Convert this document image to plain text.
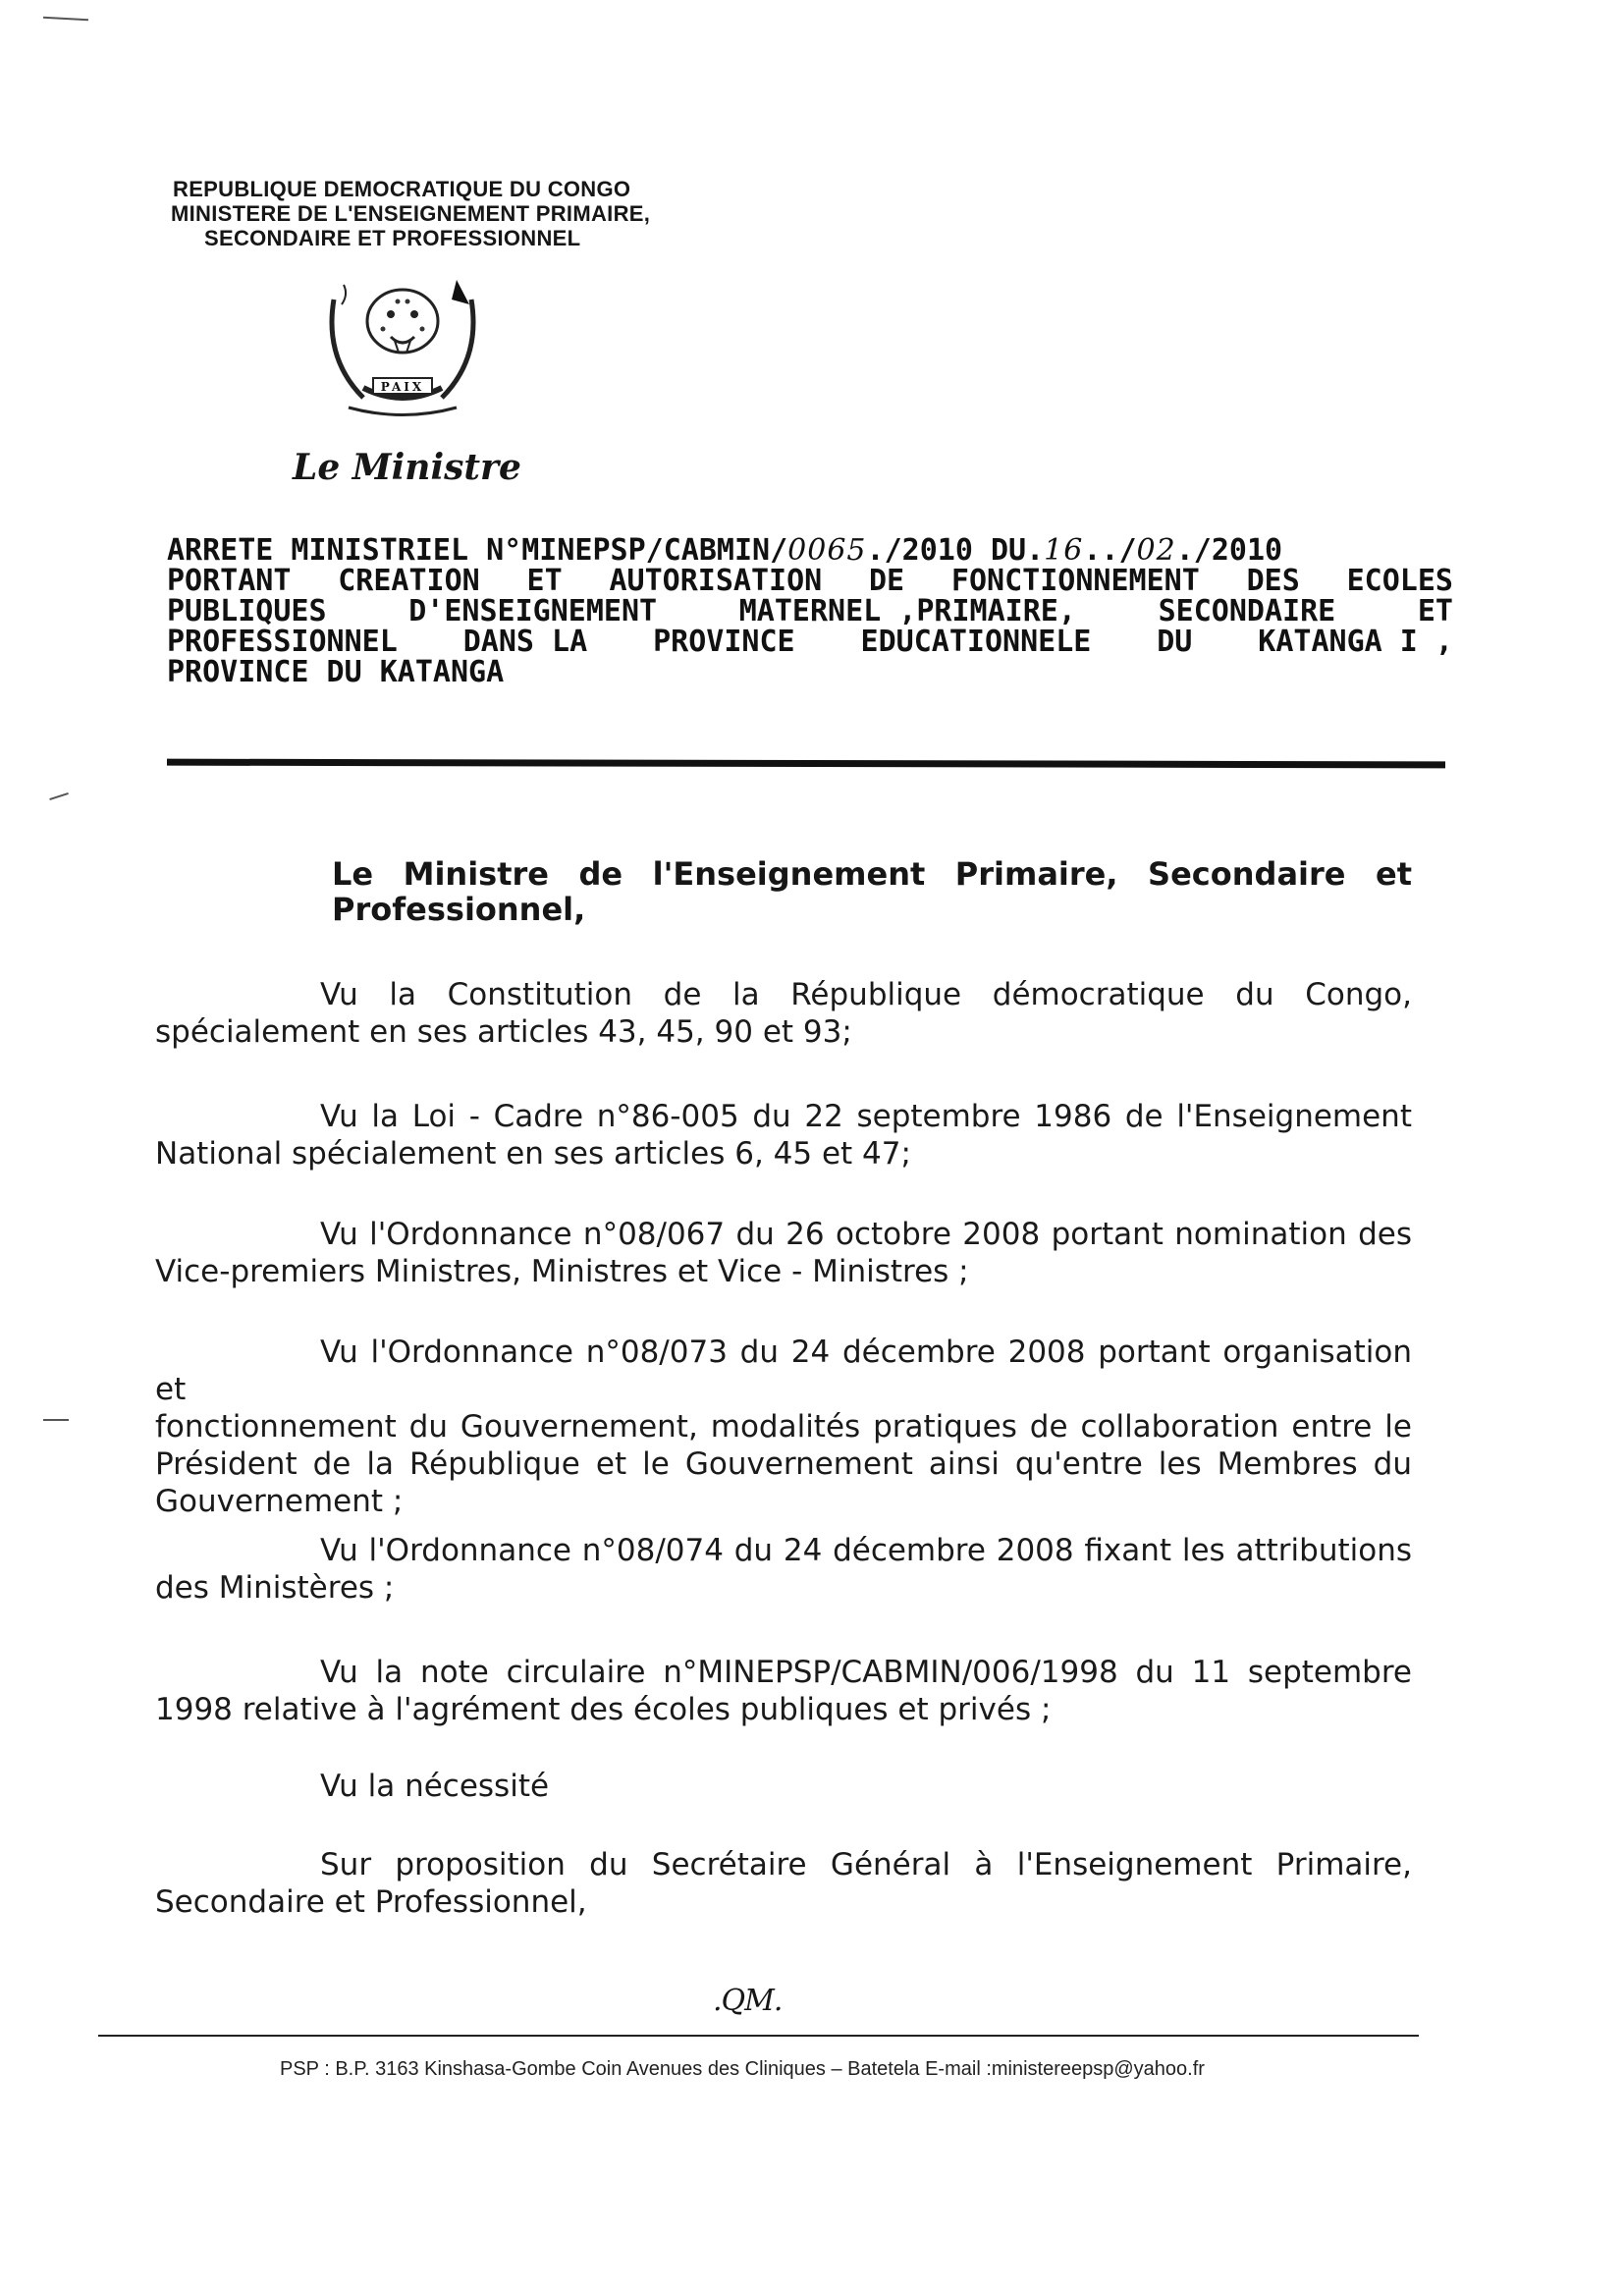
REPUBLIQUE DEMOCRATIQUE DU CONGO
MINISTERE DE L'ENSEIGNEMENT PRIMAIRE,
SECONDAIRE ET PROFESSIONNEL
PAIX
Le Ministre
ARRETE MINISTRIEL N°MINEPSP/CABMIN/0065./2010 DU.16../02./2010
PORTANT CREATION ET AUTORISATION DE FONCTIONNEMENT DES ECOLES
PUBLIQUES	D'ENSEIGNEMENT	MATERNEL ,PRIMAIRE,	SECONDAIRE	ET
PROFESSIONNEL DANS LA PROVINCE EDUCATIONNELE DU KATANGA I ,
PROVINCE DU KATANGA
Le Ministre de l'Enseignement Primaire, Secondaire et
Professionnel,
Vu la Constitution de la République démocratique du Congo,
spécialement en ses articles 43, 45, 90 et 93;
Vu la Loi - Cadre n°86-005 du 22 septembre 1986 de l'Enseignement
National spécialement en ses articles 6, 45 et 47;
Vu l'Ordonnance n°08/067 du 26 octobre 2008 portant nomination des
Vice-premiers Ministres, Ministres et Vice - Ministres ;
Vu l'Ordonnance n°08/073 du 24 décembre 2008 portant organisation et
fonctionnement du Gouvernement, modalités pratiques de collaboration entre le
Président de la République et le Gouvernement ainsi qu'entre les Membres du
Gouvernement ;
Vu l'Ordonnance n°08/074 du 24 décembre 2008 fixant les attributions
des Ministères ;
Vu la note circulaire n°MINEPSP/CABMIN/006/1998 du 11 septembre
1998 relative à l'agrément des écoles publiques et privés ;
Vu la nécessité
Sur proposition du Secrétaire Général à l'Enseignement Primaire,
Secondaire et Professionnel,
.QM.
PSP : B.P. 3163 Kinshasa-Gombe Coin Avenues des Cliniques – Batetela E-mail :ministereepsp@yahoo.fr
